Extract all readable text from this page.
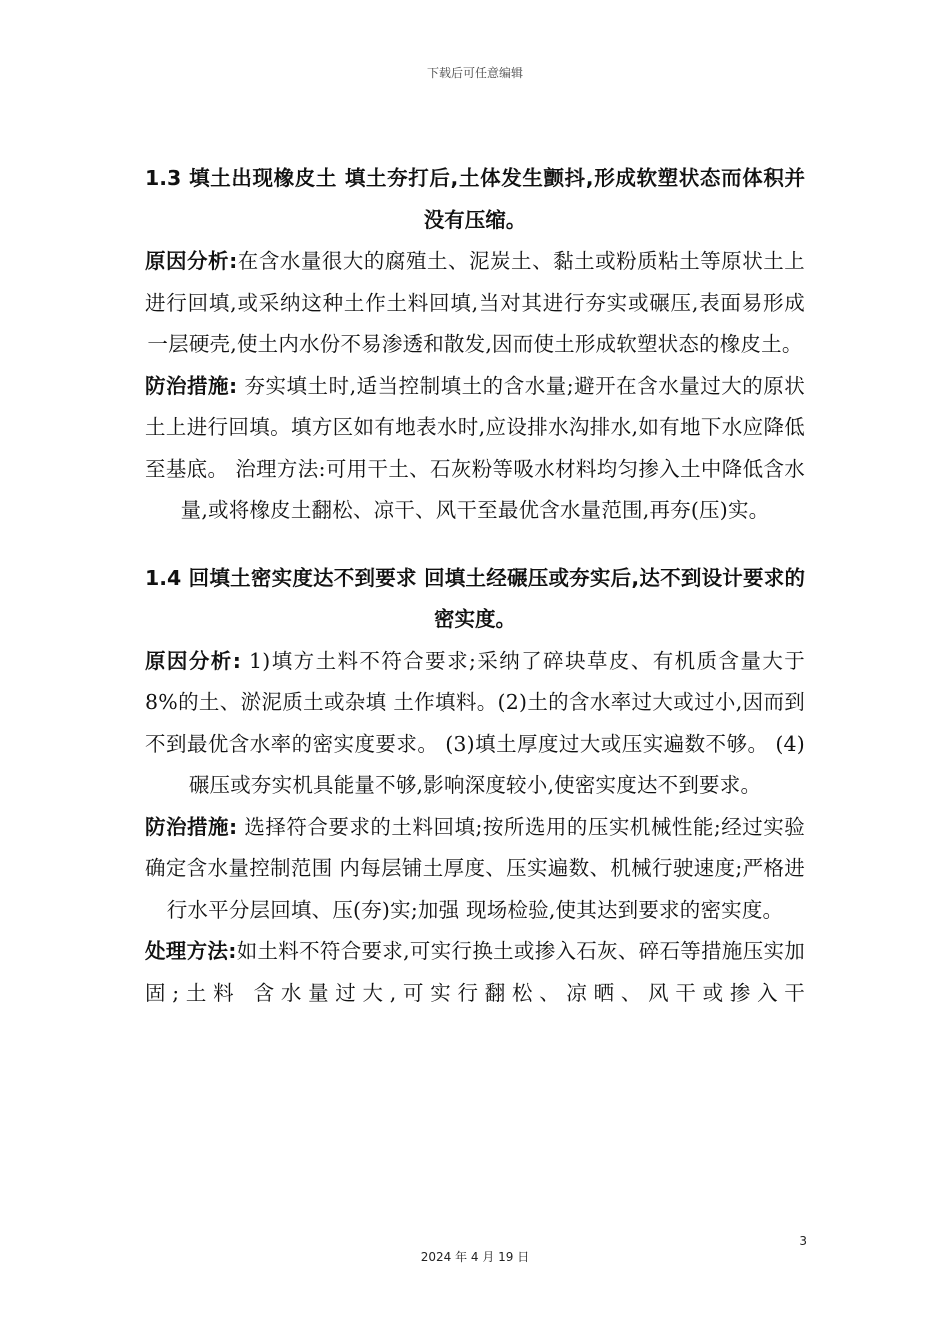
下载后可任意编辑

1.3 填土出现橡皮土 填土夯打后,土体发生颤抖,形成软塑状态而体积并没有压缩。

原因分析:在含水量很大的腐殖土、泥炭土、黏土或粉质粘土等原状土上进行回填,或采纳这种土作土料回填,当对其进行夯实或碾压,表面易形成一层硬壳,使土内水份不易渗透和散发,因而使土形成软塑状态的橡皮土。

防治措施: 夯实填土时,适当控制填土的含水量;避开在含水量过大的原状土上进行回填。填方区如有地表水时,应设排水沟排水,如有地下水应降低至基底。 治理方法:可用干土、石灰粉等吸水材料均匀掺入土中降低含水量,或将橡皮土翻松、凉干、风干至最优含水量范围,再夯(压)实。

1.4 回填土密实度达不到要求 回填土经碾压或夯实后,达不到设计要求的密实度。

原因分析: 1)填方土料不符合要求;采纳了碎块草皮、有机质含量大于 8%的土、淤泥质土或杂填 土作填料。(2)土的含水率过大或过小,因而到不到最优含水率的密实度要求。 (3)填土厚度过大或压实遍数不够。 (4)碾压或夯实机具能量不够,影响深度较小,使密实度达不到要求。

防治措施: 选择符合要求的土料回填;按所选用的压实机械性能;经过实验确定含水量控制范围 内每层铺土厚度、压实遍数、机械行驶速度;严格进行水平分层回填、压(夯)实;加强 现场检验,使其达到要求的密实度。

处理方法:如土料不符合要求,可实行换土或掺入石灰、碎石等措施压实加固;土料 含水量过大,可实行翻松、凉晒、风干或掺入干

3
2024 年 4 月 19 日
